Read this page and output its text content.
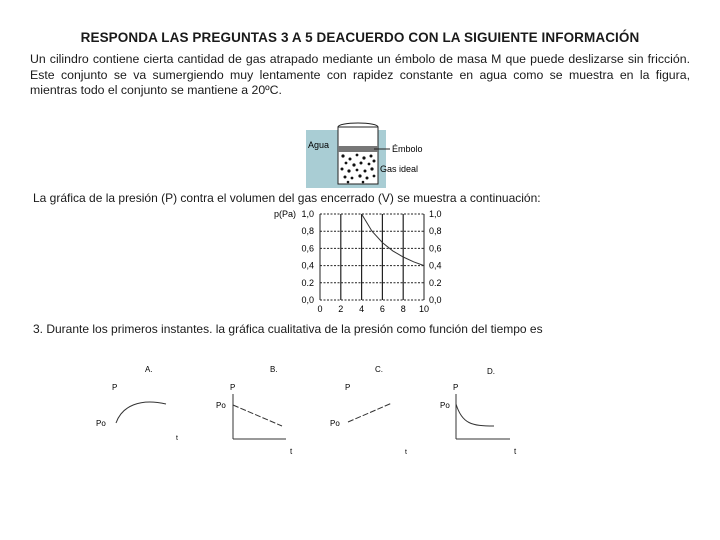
RESPONDA LAS PREGUNTAS 3 A 5 DEACUERDO CON LA SIGUIENTE INFORMACIÓN
Un cilindro contiene cierta cantidad de gas atrapado mediante un émbolo de masa M que puede deslizarse sin fricción. Este conjunto se va sumergiendo muy lentamente con rapidez constante en agua como se muestra en la figura, mientras todo el conjunto se mantiene a 20ºC.
Agua	Émbolo
Gas ideal
La gráfica de la presión (P) contra el volumen del gas encerrado (V) se muestra a continuación:
p(Pa)
0 2 4 6 8 10
0,0	0,0
0.2	0.2
0,4	0,4
0,6	0,6
0,8	0,8
1,0	1,0
3. Durante los primeros instantes. la gráfica cualitativa de la presión como función del tiempo es
A.
P
Po
t
B.
P
Po
t
C.
P
Po
t
D.
P
Po
t
